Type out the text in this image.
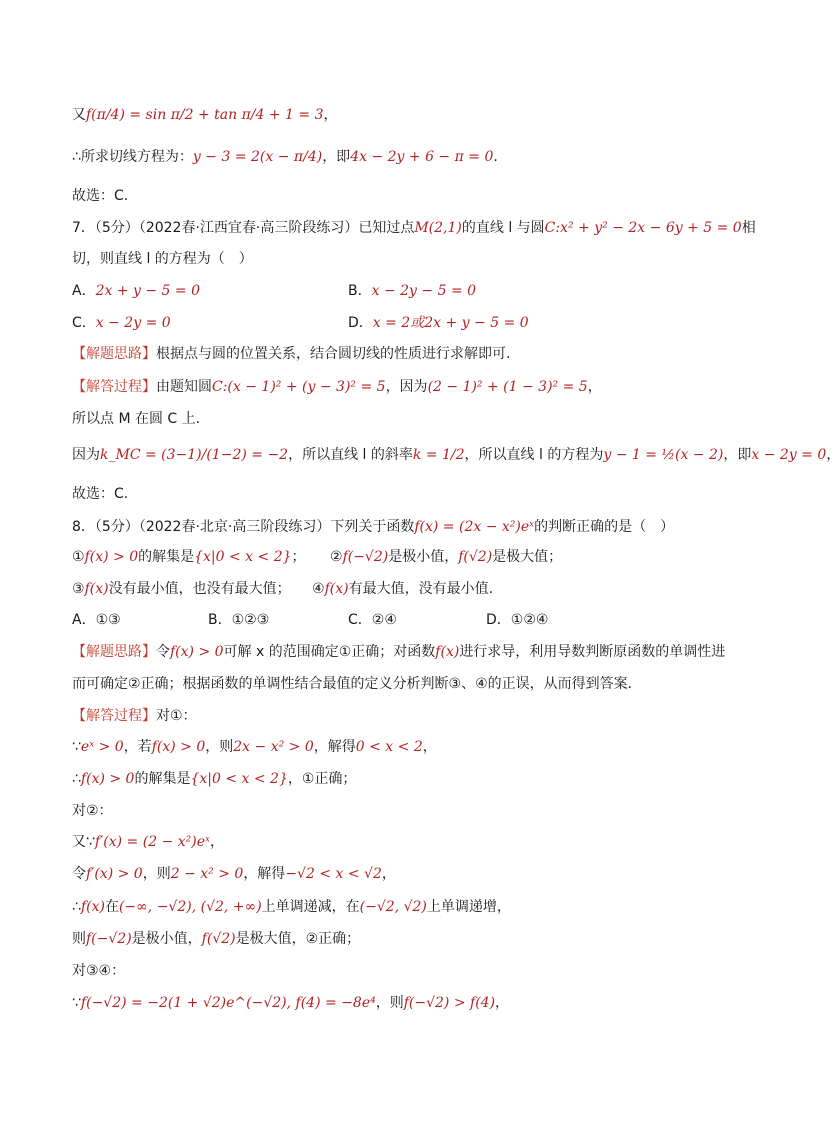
又f(π/4) = sin π/2 + tan π/4 + 1 = 3，
∴所求切线方程为：y − 3 = 2(x − π/4)，即4x − 2y + 6 − π = 0.
故选：C.
7．（5分）（2022春·江西宜春·高三阶段练习）已知过点M(2,1)的直线 l 与圆C:x² + y² − 2x − 6y + 5 = 0相
切，则直线 l 的方程为（　）
A．2x + y − 5 = 0	B．x − 2y − 5 = 0
C．x − 2y = 0	D．x = 2或2x + y − 5 = 0
【解题思路】根据点与圆的位置关系，结合圆切线的性质进行求解即可.
【解答过程】由题知圆C:(x − 1)² + (y − 3)² = 5，因为(2 − 1)² + (1 − 3)² = 5，
所以点 M 在圆 C 上.
因为k_MC = (3−1)/(1−2) = −2，所以直线 l 的斜率k = 1/2，所以直线 l 的方程为y − 1 = ½(x − 2)，即x − 2y = 0，
故选：C.
8．（5分）（2022春·北京·高三阶段练习）下列关于函数f(x) = (2x − x²)eˣ的判断正确的是（　）
①f(x) > 0的解集是{x|0 < x < 2}； ②f(−√2)是极小值，f(√2)是极大值；
③f(x)没有最小值，也没有最大值； ④f(x)有最大值，没有最小值.
A．①③	B．①②③	C．②④	D．①②④
【解题思路】令f(x) > 0可解 x 的范围确定①正确；对函数f(x)进行求导，利用导数判断原函数的单调性进
而可确定②正确；根据函数的单调性结合最值的定义分析判断③、④的正误，从而得到答案．
【解答过程】对①：
∵eˣ > 0，若f(x) > 0，则2x − x² > 0，解得0 < x < 2，
∴f(x) > 0的解集是{x|0 < x < 2}，①正确；
对②：
又∵f′(x) = (2 − x²)eˣ，
令f′(x) > 0，则2 − x² > 0，解得−√2 < x < √2，
∴f(x)在(−∞, −√2), (√2, +∞)上单调递减，在(−√2, √2)上单调递增，
则f(−√2)是极小值，f(√2)是极大值，②正确；
对③④：
∵f(−√2) = −2(1 + √2)e^(−√2), f(4) = −8e⁴，则f(−√2) > f(4)，
